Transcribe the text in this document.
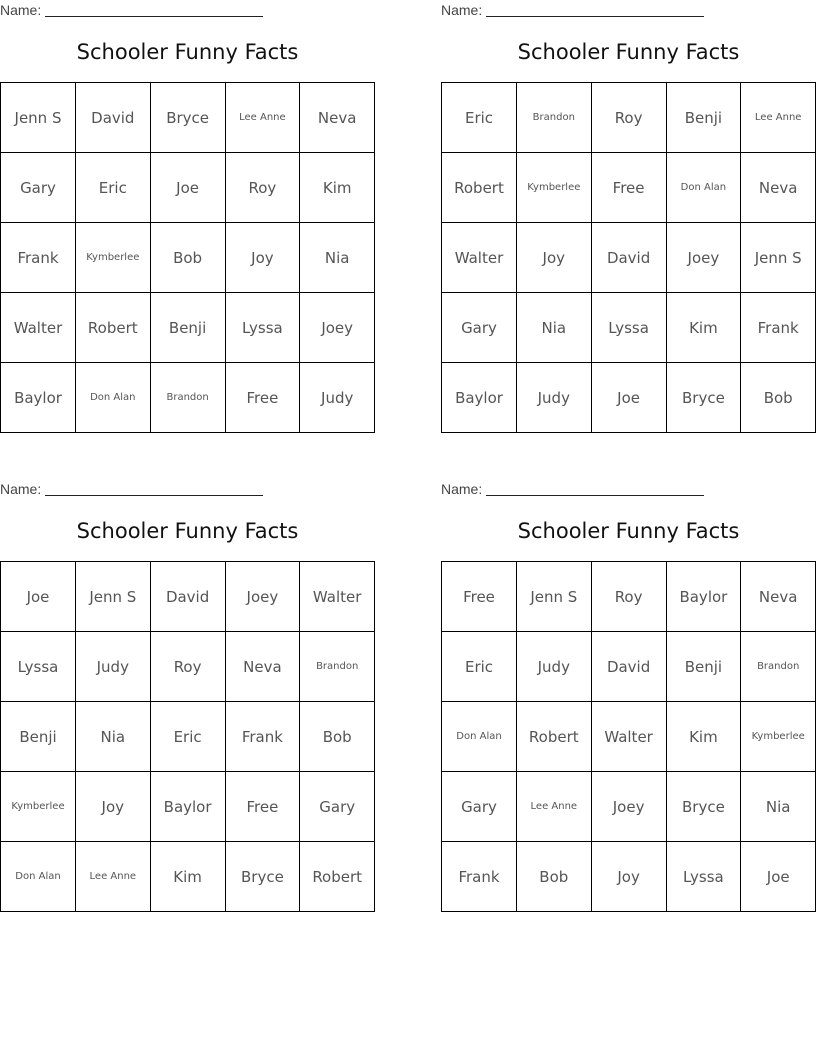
Name:
Schooler Funny Facts
Jenn S	David	Bryce	Lee Anne	Neva
Gary	Eric	Joe	Roy	Kim
Frank	Kymberlee	Bob	Joy	Nia
Walter	Robert	Benji	Lyssa	Joey
Baylor	Don Alan	Brandon	Free	Judy
Name:
Schooler Funny Facts
Eric	Brandon	Roy	Benji	Lee Anne
Robert	Kymberlee	Free	Don Alan	Neva
Walter	Joy	David	Joey	Jenn S
Gary	Nia	Lyssa	Kim	Frank
Baylor	Judy	Joe	Bryce	Bob
Name:
Schooler Funny Facts
Joe	Jenn S	David	Joey	Walter
Lyssa	Judy	Roy	Neva	Brandon
Benji	Nia	Eric	Frank	Bob
Kymberlee	Joy	Baylor	Free	Gary
Don Alan	Lee Anne	Kim	Bryce	Robert
Name:
Schooler Funny Facts
Free	Jenn S	Roy	Baylor	Neva
Eric	Judy	David	Benji	Brandon
Don Alan	Robert	Walter	Kim	Kymberlee
Gary	Lee Anne	Joey	Bryce	Nia
Frank	Bob	Joy	Lyssa	Joe
